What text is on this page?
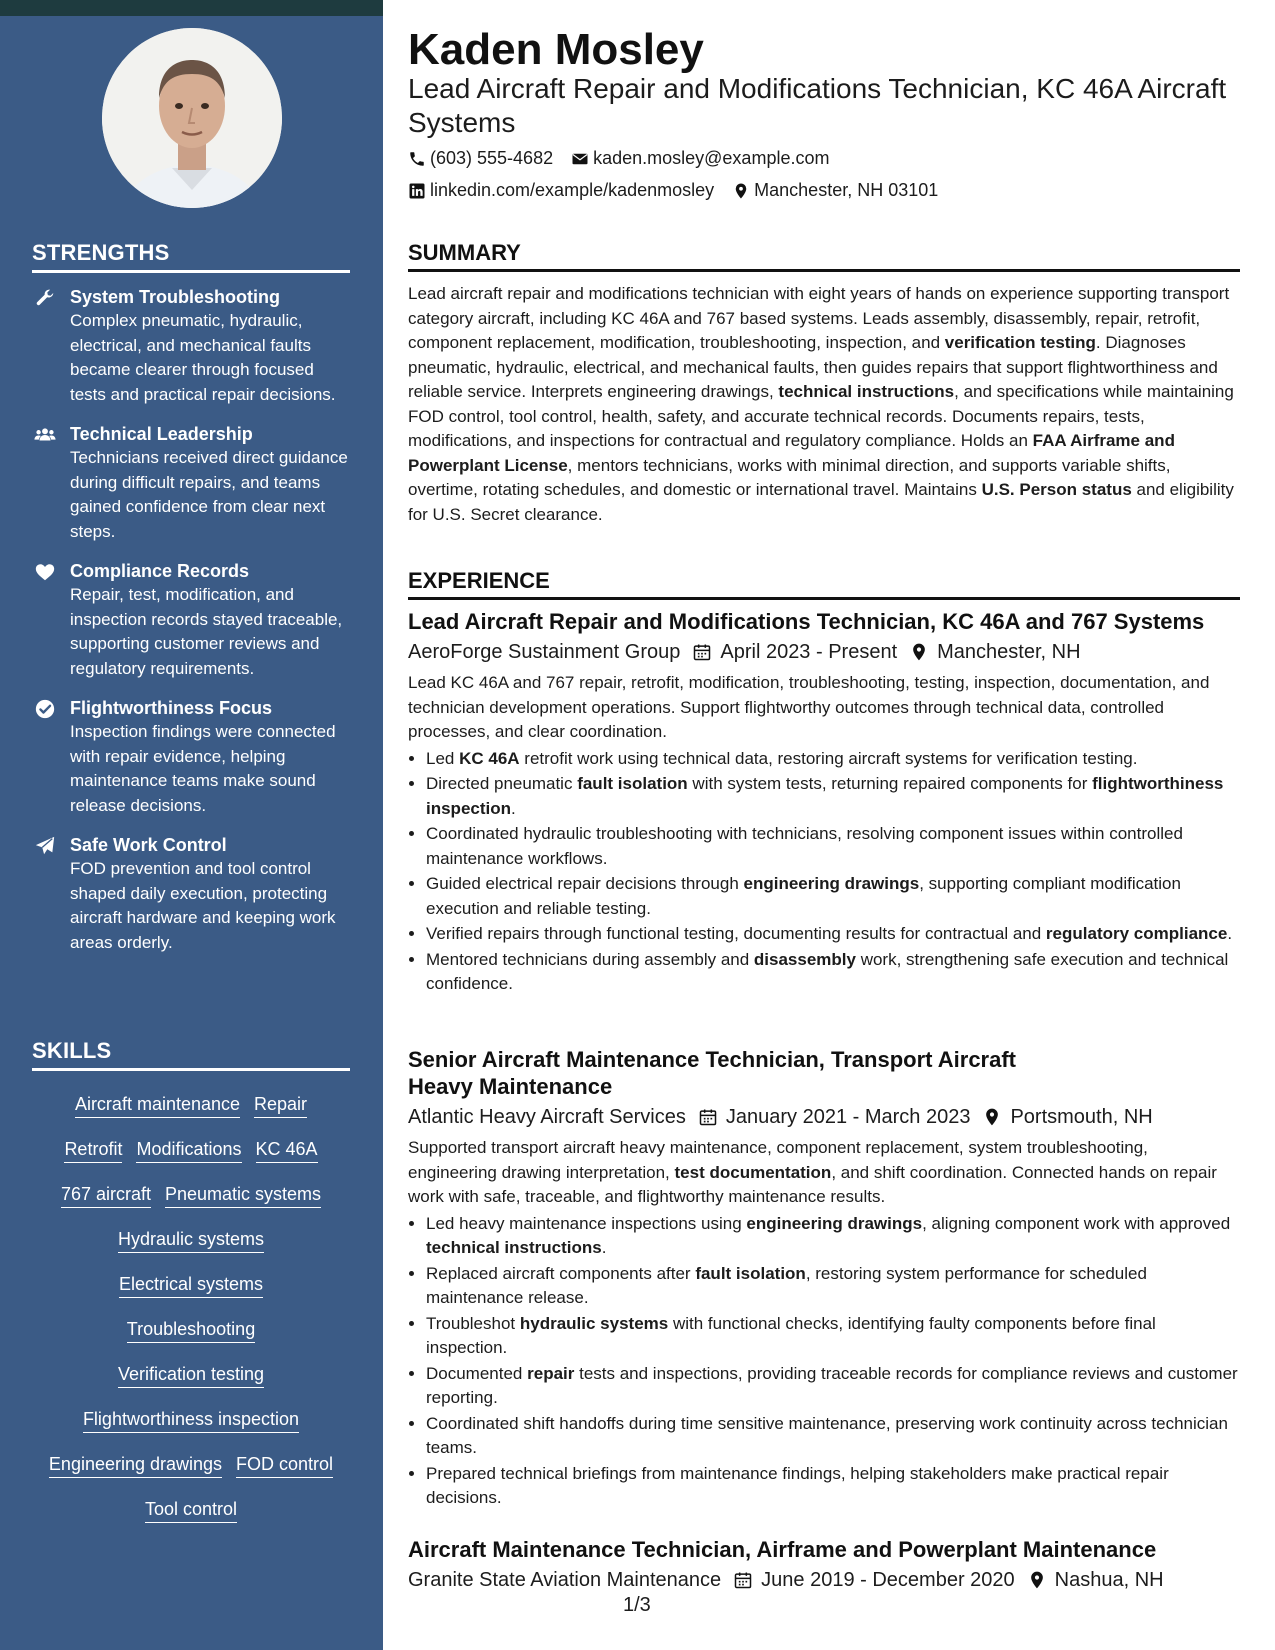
STRENGTHS
System Troubleshooting
Complex pneumatic, hydraulic, electrical, and mechanical faults became clearer through focused tests and practical repair decisions.
Technical Leadership
Technicians received direct guidance during difficult repairs, and teams gained confidence from clear next steps.
Compliance Records
Repair, test, modification, and inspection records stayed traceable, supporting customer reviews and regulatory requirements.
Flightworthiness Focus
Inspection findings were connected with repair evidence, helping maintenance teams make sound release decisions.
Safe Work Control
FOD prevention and tool control shaped daily execution, protecting aircraft hardware and keeping work areas orderly.
SKILLS
Aircraft maintenance Repair
Retrofit Modifications KC 46A
767 aircraft Pneumatic systems
Hydraulic systems
Electrical systems
Troubleshooting
Verification testing
Flightworthiness inspection
Engineering drawings FOD control
Tool control
Kaden Mosley
Lead Aircraft Repair and Modifications Technician, KC 46A Aircraft Systems
(603) 555-4682 kaden.mosley@example.com
linkedin.com/example/kadenmosley Manchester, NH 03101
SUMMARY
Lead aircraft repair and modifications technician with eight years of hands on experience supporting transport category aircraft, including KC 46A and 767 based systems. Leads assembly, disassembly, repair, retrofit, component replacement, modification, troubleshooting, inspection, and verification testing. Diagnoses pneumatic, hydraulic, electrical, and mechanical faults, then guides repairs that support flightworthiness and reliable service. Interprets engineering drawings, technical instructions, and specifications while maintaining FOD control, tool control, health, safety, and accurate technical records. Documents repairs, tests, modifications, and inspections for contractual and regulatory compliance. Holds an FAA Airframe and Powerplant License, mentors technicians, works with minimal direction, and supports variable shifts, overtime, rotating schedules, and domestic or international travel. Maintains U.S. Person status and eligibility for U.S. Secret clearance.
EXPERIENCE
Lead Aircraft Repair and Modifications Technician, KC 46A and 767 Systems
AeroForge Sustainment Group April 2023 - Present Manchester, NH
Lead KC 46A and 767 repair, retrofit, modification, troubleshooting, testing, inspection, documentation, and technician development operations. Support flightworthy outcomes through technical data, controlled processes, and clear coordination.
• Led KC 46A retrofit work using technical data, restoring aircraft systems for verification testing.
• Directed pneumatic fault isolation with system tests, returning repaired components for flightworthiness inspection.
• Coordinated hydraulic troubleshooting with technicians, resolving component issues within controlled maintenance workflows.
• Guided electrical repair decisions through engineering drawings, supporting compliant modification execution and reliable testing.
• Verified repairs through functional testing, documenting results for contractual and regulatory compliance.
• Mentored technicians during assembly and disassembly work, strengthening safe execution and technical confidence.
Senior Aircraft Maintenance Technician, Transport Aircraft Heavy Maintenance
Atlantic Heavy Aircraft Services January 2021 - March 2023 Portsmouth, NH
Supported transport aircraft heavy maintenance, component replacement, system troubleshooting, engineering drawing interpretation, test documentation, and shift coordination. Connected hands on repair work with safe, traceable, and flightworthy maintenance results.
• Led heavy maintenance inspections using engineering drawings, aligning component work with approved technical instructions.
• Replaced aircraft components after fault isolation, restoring system performance for scheduled maintenance release.
• Troubleshot hydraulic systems with functional checks, identifying faulty components before final inspection.
• Documented repair tests and inspections, providing traceable records for compliance reviews and customer reporting.
• Coordinated shift handoffs during time sensitive maintenance, preserving work continuity across technician teams.
• Prepared technical briefings from maintenance findings, helping stakeholders make practical repair decisions.
Aircraft Maintenance Technician, Airframe and Powerplant Maintenance
Granite State Aviation Maintenance June 2019 - December 2020 Nashua, NH
1/3
